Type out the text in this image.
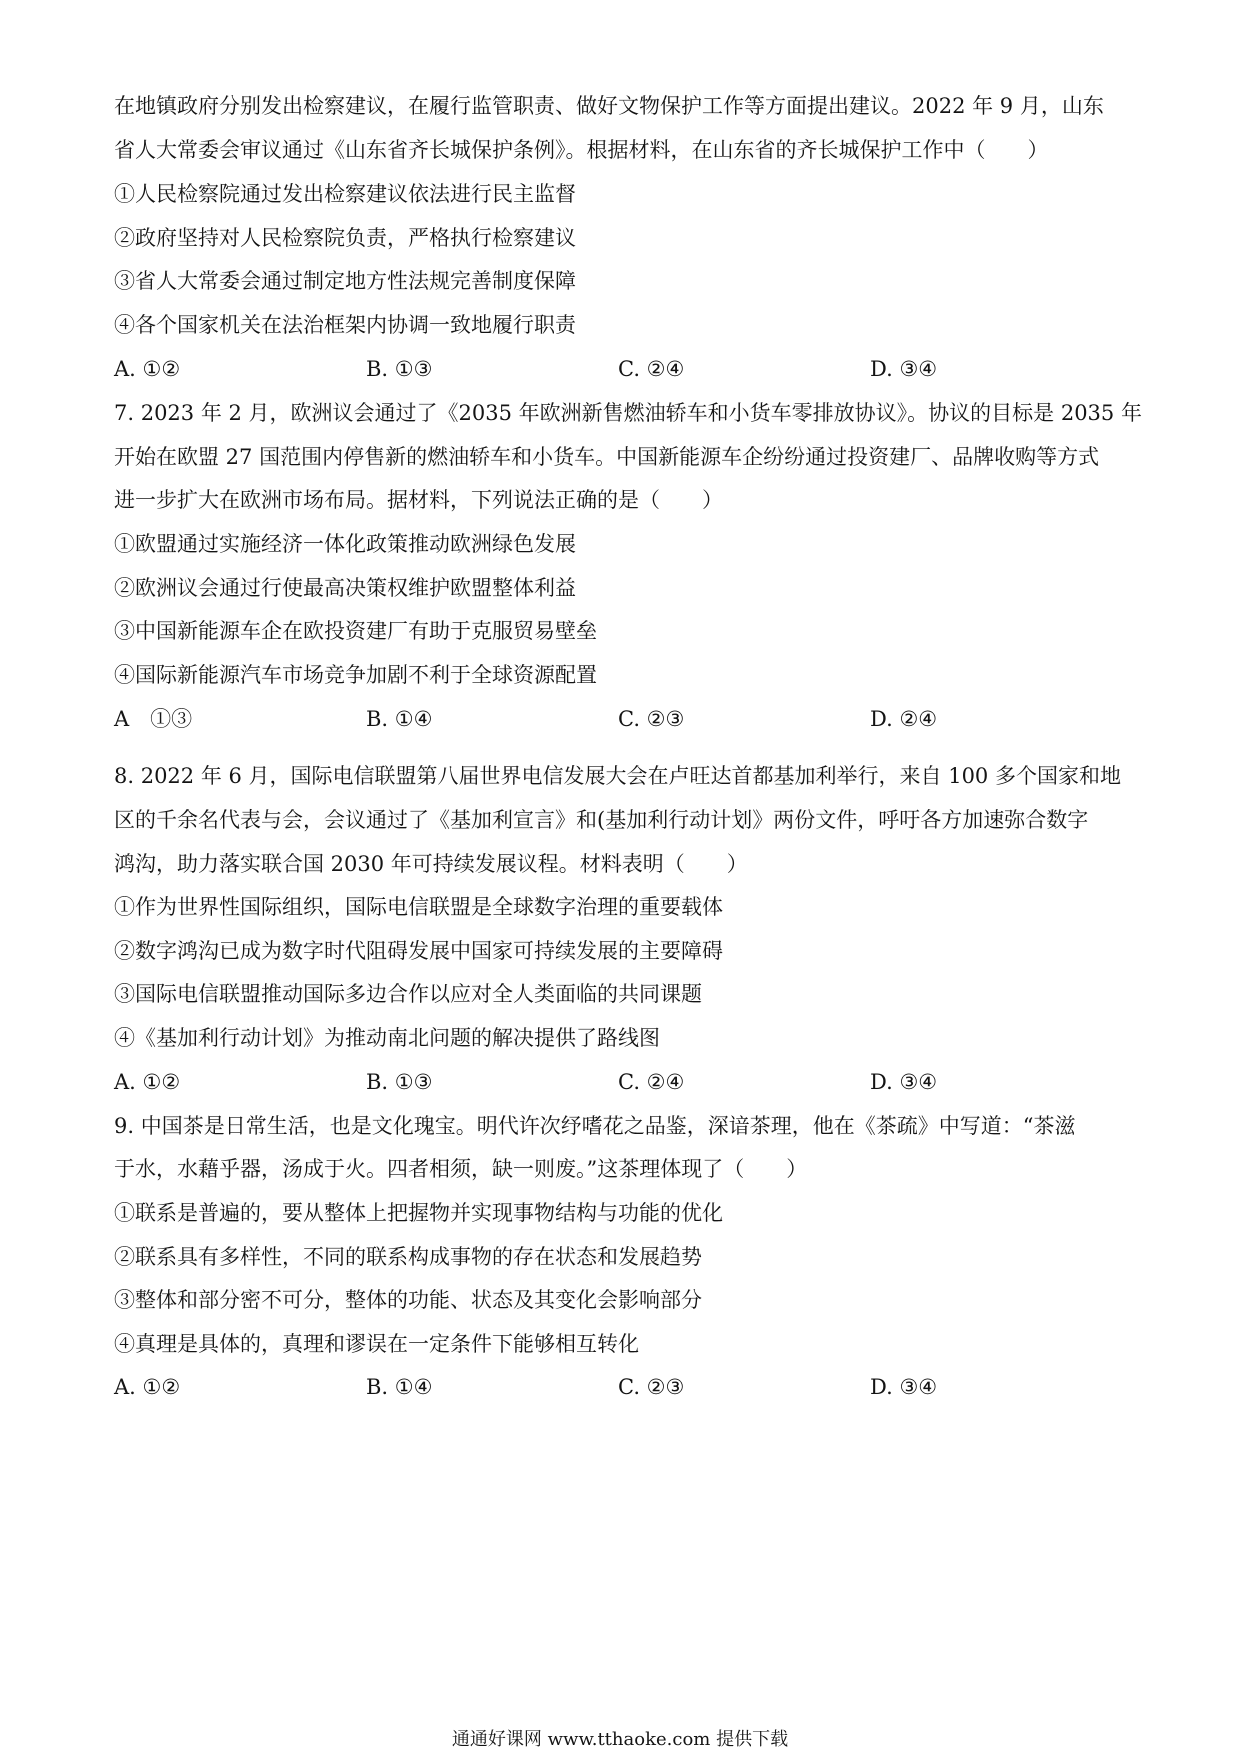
在地镇政府分别发出检察建议，在履行监管职责、做好文物保护工作等方面提出建议。2022 年 9 月，山东
省人大常委会审议通过《山东省齐长城保护条例》。根据材料，在山东省的齐长城保护工作中（　　）
①人民检察院通过发出检察建议依法进行民主监督
②政府坚持对人民检察院负责，严格执行检察建议
③省人大常委会通过制定地方性法规完善制度保障
④各个国家机关在法治框架内协调一致地履行职责
A. ①②	B. ①③	C. ②④	D. ③④
7. 2023 年 2 月，欧洲议会通过了《2035 年欧洲新售燃油轿车和小货车零排放协议》。协议的目标是 2035 年
开始在欧盟 27 国范围内停售新的燃油轿车和小货车。中国新能源车企纷纷通过投资建厂、品牌收购等方式
进一步扩大在欧洲市场布局。据材料，下列说法正确的是（　　）
①欧盟通过实施经济一体化政策推动欧洲绿色发展
②欧洲议会通过行使最高决策权维护欧盟整体利益
③中国新能源车企在欧投资建厂有助于克服贸易壁垒
④国际新能源汽车市场竞争加剧不利于全球资源配置
A　①③	B. ①④	C. ②③	D. ②④
8. 2022 年 6 月，国际电信联盟第八届世界电信发展大会在卢旺达首都基加利举行，来自 100 多个国家和地
区的千余名代表与会，会议通过了《基加利宣言》和(基加利行动计划》两份文件，呼吁各方加速弥合数字
鸿沟，助力落实联合国 2030 年可持续发展议程。材料表明（　　）
①作为世界性国际组织，国际电信联盟是全球数字治理的重要载体
②数字鸿沟已成为数字时代阻碍发展中国家可持续发展的主要障碍
③国际电信联盟推动国际多边合作以应对全人类面临的共同课题
④《基加利行动计划》为推动南北问题的解决提供了路线图
A. ①②	B. ①③	C. ②④	D. ③④
9. 中国茶是日常生活，也是文化瑰宝。明代许次纾嗜花之品鉴，深谙茶理，他在《茶疏》中写道：“茶滋
于水，水藉乎器，汤成于火。四者相须，缺一则废。”这茶理体现了（　　）
①联系是普遍的，要从整体上把握物并实现事物结构与功能的优化
②联系具有多样性，不同的联系构成事物的存在状态和发展趋势
③整体和部分密不可分，整体的功能、状态及其变化会影响部分
④真理是具体的，真理和谬误在一定条件下能够相互转化
A. ①②	B. ①④	C. ②③	D. ③④
通通好课网 www.tthaoke.com 提供下载
